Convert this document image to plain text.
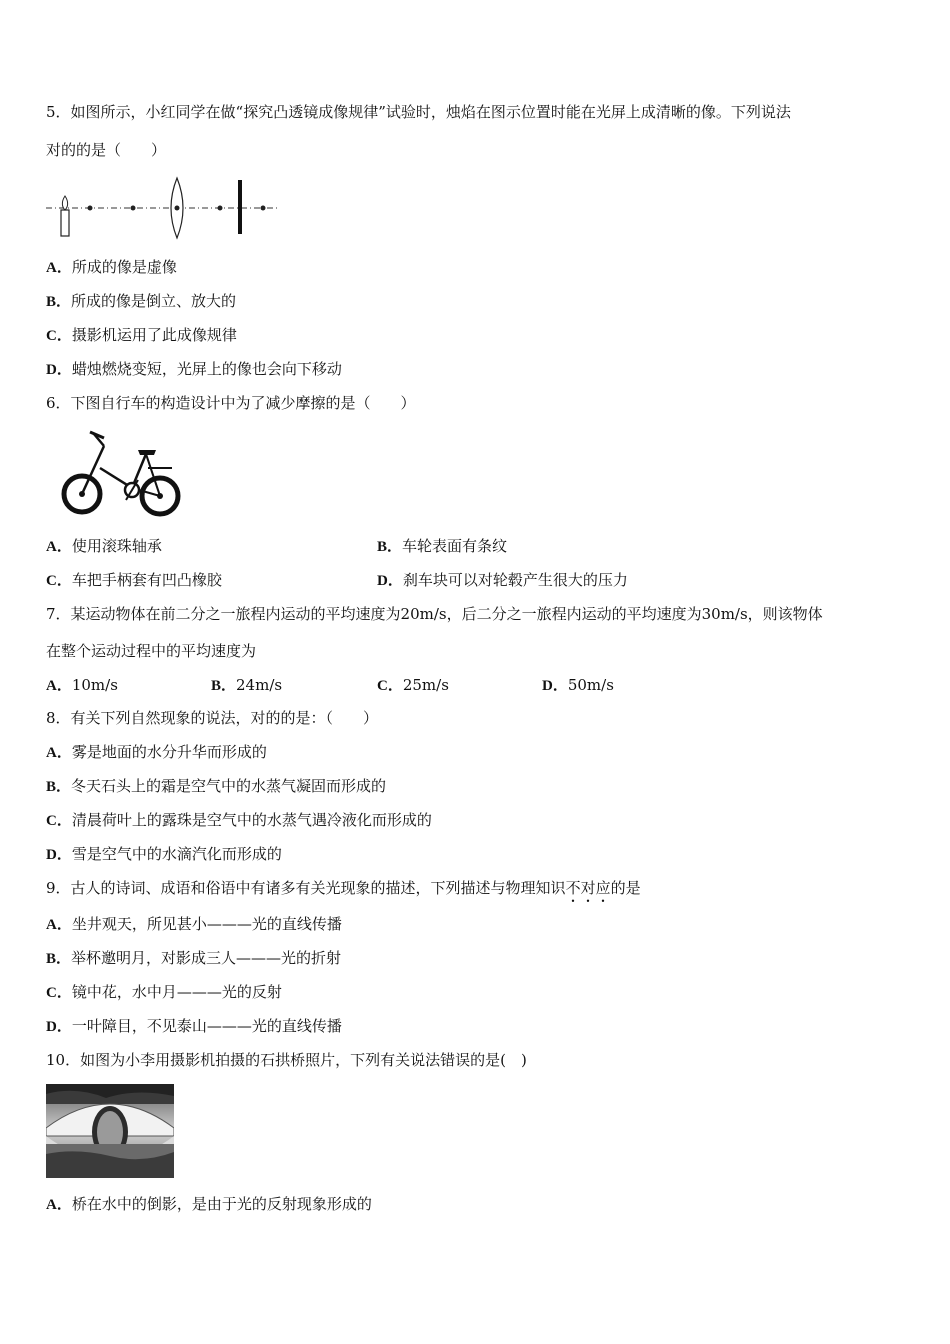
5．如图所示，小红同学在做“探究凸透镜成像规律”试验时，烛焰在图示位置时能在光屏上成清晰的像。下列说法
对的的是（　　）
A．所成的像是虚像
B．所成的像是倒立、放大的
C．摄影机运用了此成像规律
D．蜡烛燃烧变短，光屏上的像也会向下移动
6．下图自行车的构造设计中为了减少摩擦的是（　　）
A．使用滚珠轴承	B．车轮表面有条纹
C．车把手柄套有凹凸橡胶	D．刹车块可以对轮毂产生很大的压力
7．某运动物体在前二分之一旅程内运动的平均速度为20m/s，后二分之一旅程内运动的平均速度为30m/s，则该物体
在整个运动过程中的平均速度为
A．10m/s	B．24m/s	C．25m/s	D．50m/s
8．有关下列自然现象的说法，对的的是：（　　）
A．雾是地面的水分升华而形成的
B．冬天石头上的霜是空气中的水蒸气凝固而形成的
C．清晨荷叶上的露珠是空气中的水蒸气遇冷液化而形成的
D．雪是空气中的水滴汽化而形成的
9．古人的诗词、成语和俗语中有诸多有关光现象的描述，下列描述与物理知识不对应的是
A．坐井观天，所见甚小———光的直线传播
B．举杯邀明月，对影成三人———光的折射
C．镜中花，水中月———光的反射
D．一叶障目，不见泰山———光的直线传播
10．如图为小李用摄影机拍摄的石拱桥照片，下列有关说法错误的是(　)
A．桥在水中的倒影，是由于光的反射现象形成的
